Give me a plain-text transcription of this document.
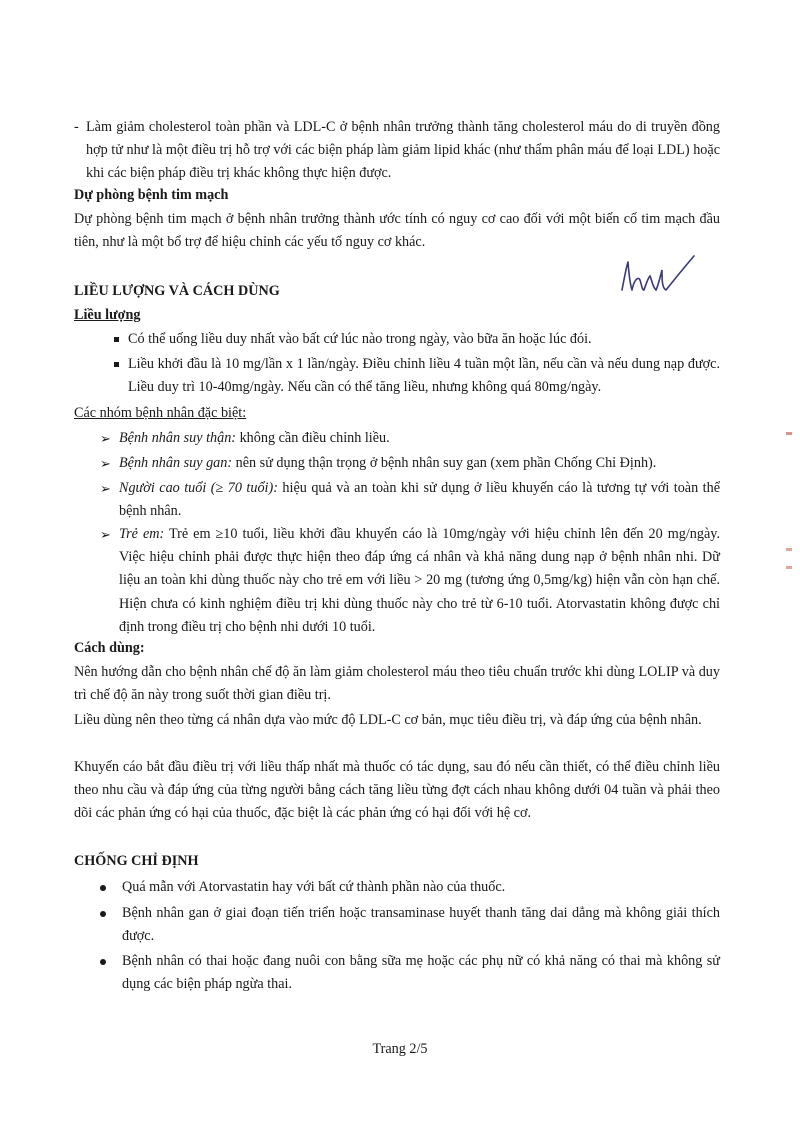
- Làm giảm cholesterol toàn phần và LDL-C ở bệnh nhân trưởng thành tăng cholesterol máu do di truyền đồng hợp tử như là một điều trị hỗ trợ với các biện pháp làm giảm lipid khác (như thẩm phân máu để loại LDL) hoặc khi các biện pháp điều trị khác không thực hiện được.
Dự phòng bệnh tim mạch
Dự phòng bệnh tim mạch ở bệnh nhân trưởng thành ước tính có nguy cơ cao đối với một biến cố tim mạch đầu tiên, như là một bổ trợ để hiệu chỉnh các yếu tố nguy cơ khác.
LIỀU LƯỢNG VÀ CÁCH DÙNG
Liều lượng
Có thể uống liều duy nhất vào bất cứ lúc nào trong ngày, vào bữa ăn hoặc lúc đói.
Liều khởi đầu là 10 mg/lần x 1 lần/ngày. Điều chỉnh liều 4 tuần một lần, nếu cần và nếu dung nạp được. Liều duy trì 10-40mg/ngày. Nếu cần có thể tăng liều, nhưng không quá 80mg/ngày.
Các nhóm bệnh nhân đặc biệt:
➢ Bệnh nhân suy thận: không cần điều chỉnh liều.
➢ Bệnh nhân suy gan: nên sử dụng thận trọng ở bệnh nhân suy gan (xem phần Chống Chỉ Định).
➢ Người cao tuổi (≥ 70 tuổi): hiệu quả và an toàn khi sử dụng ở liều khuyến cáo là tương tự với toàn thể bệnh nhân.
➢ Trẻ em: Trẻ em ≥10 tuổi, liều khởi đầu khuyến cáo là 10mg/ngày với hiệu chỉnh lên đến 20 mg/ngày. Việc hiệu chỉnh phải được thực hiện theo đáp ứng cá nhân và khả năng dung nạp ở bệnh nhân nhi. Dữ liệu an toàn khi dùng thuốc này cho trẻ em với liều > 20 mg (tương ứng 0,5mg/kg) hiện vẫn còn hạn chế. Hiện chưa có kinh nghiệm điều trị khi dùng thuốc này cho trẻ từ 6-10 tuổi. Atorvastatin không được chỉ định trong điều trị cho bệnh nhi dưới 10 tuổi.
Cách dùng:
Nên hướng dẫn cho bệnh nhân chế độ ăn làm giảm cholesterol máu theo tiêu chuẩn trước khi dùng LOLIP và duy trì chế độ ăn này trong suốt thời gian điều trị.
Liều dùng nên theo từng cá nhân dựa vào mức độ LDL-C cơ bản, mục tiêu điều trị, và đáp ứng của bệnh nhân.
Khuyến cáo bắt đầu điều trị với liều thấp nhất mà thuốc có tác dụng, sau đó nếu cần thiết, có thể điều chỉnh liều theo nhu cầu và đáp ứng của từng người bằng cách tăng liều từng đợt cách nhau không dưới 04 tuần và phải theo dõi các phản ứng có hại của thuốc, đặc biệt là các phản ứng có hại đối với hệ cơ.
CHỐNG CHỈ ĐỊNH
Quá mẫn với Atorvastatin hay với bất cứ thành phần nào của thuốc.
Bệnh nhân gan ở giai đoạn tiến triển hoặc transaminase huyết thanh tăng dai dẳng mà không giải thích được.
Bệnh nhân có thai hoặc đang nuôi con bằng sữa mẹ hoặc các phụ nữ có khả năng có thai mà không sử dụng các biện pháp ngừa thai.
Trang 2/5
